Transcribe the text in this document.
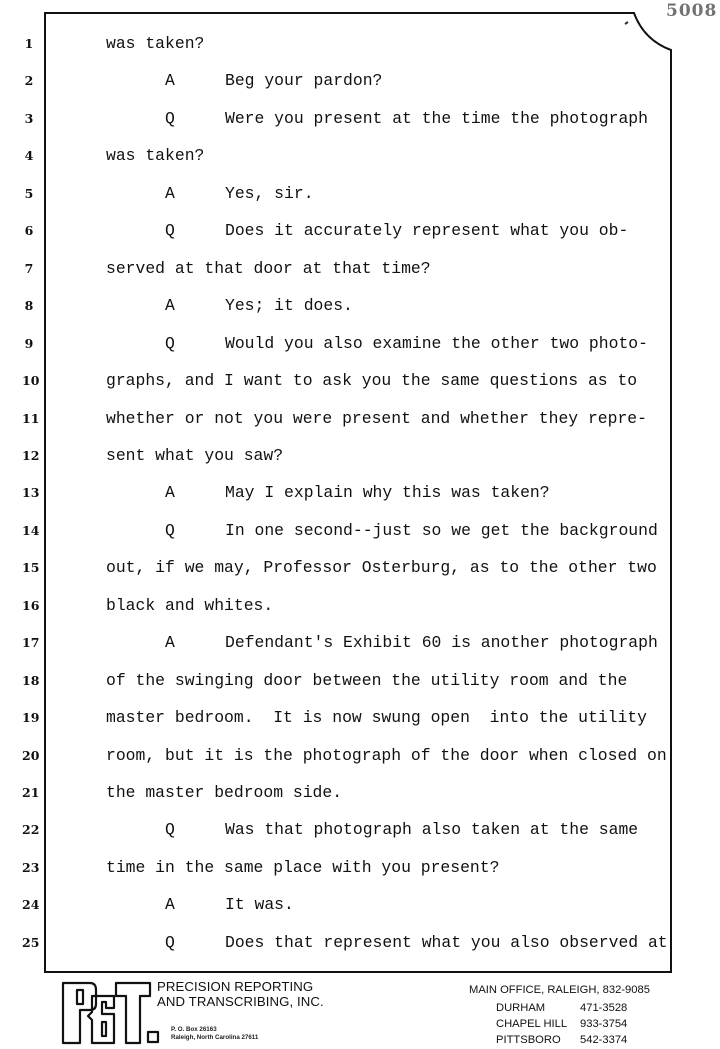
5008
1	was taken?
2	A	Beg your pardon?
3	Q	Were you present at the time the photograph
4	was taken?
5	A	Yes, sir.
6	Q	Does it accurately represent what you ob-
7	served at that door at that time?
8	A	Yes; it does.
9	Q	Would you also examine the other two photo-
10	graphs, and I want to ask you the same questions as to
11	whether or not you were present and whether they repre-
12	sent what you saw?
13	A	May I explain why this was taken?
14	Q	In one second--just so we get the background
15	out, if we may, Professor Osterburg, as to the other two
16	black and whites.
17	A	Defendant's Exhibit 60 is another photograph
18	of the swinging door between the utility room and the
19	master bedroom.  It is now swung open  into the utility
20	room, but it is the photograph of the door when closed on
21	the master bedroom side.
22	Q	Was that photograph also taken at the same
23	time in the same place with you present?
24	A	It was.
25	Q	Does that represent what you also observed at
PRECISION REPORTING
AND TRANSCRIBING, INC.
P. O. Box 26163
Raleigh, North Carolina 27611
MAIN OFFICE, RALEIGH, 832-9085
DURHAM	471-3528
CHAPEL HILL	933-3754
PITTSBORO	542-3374
